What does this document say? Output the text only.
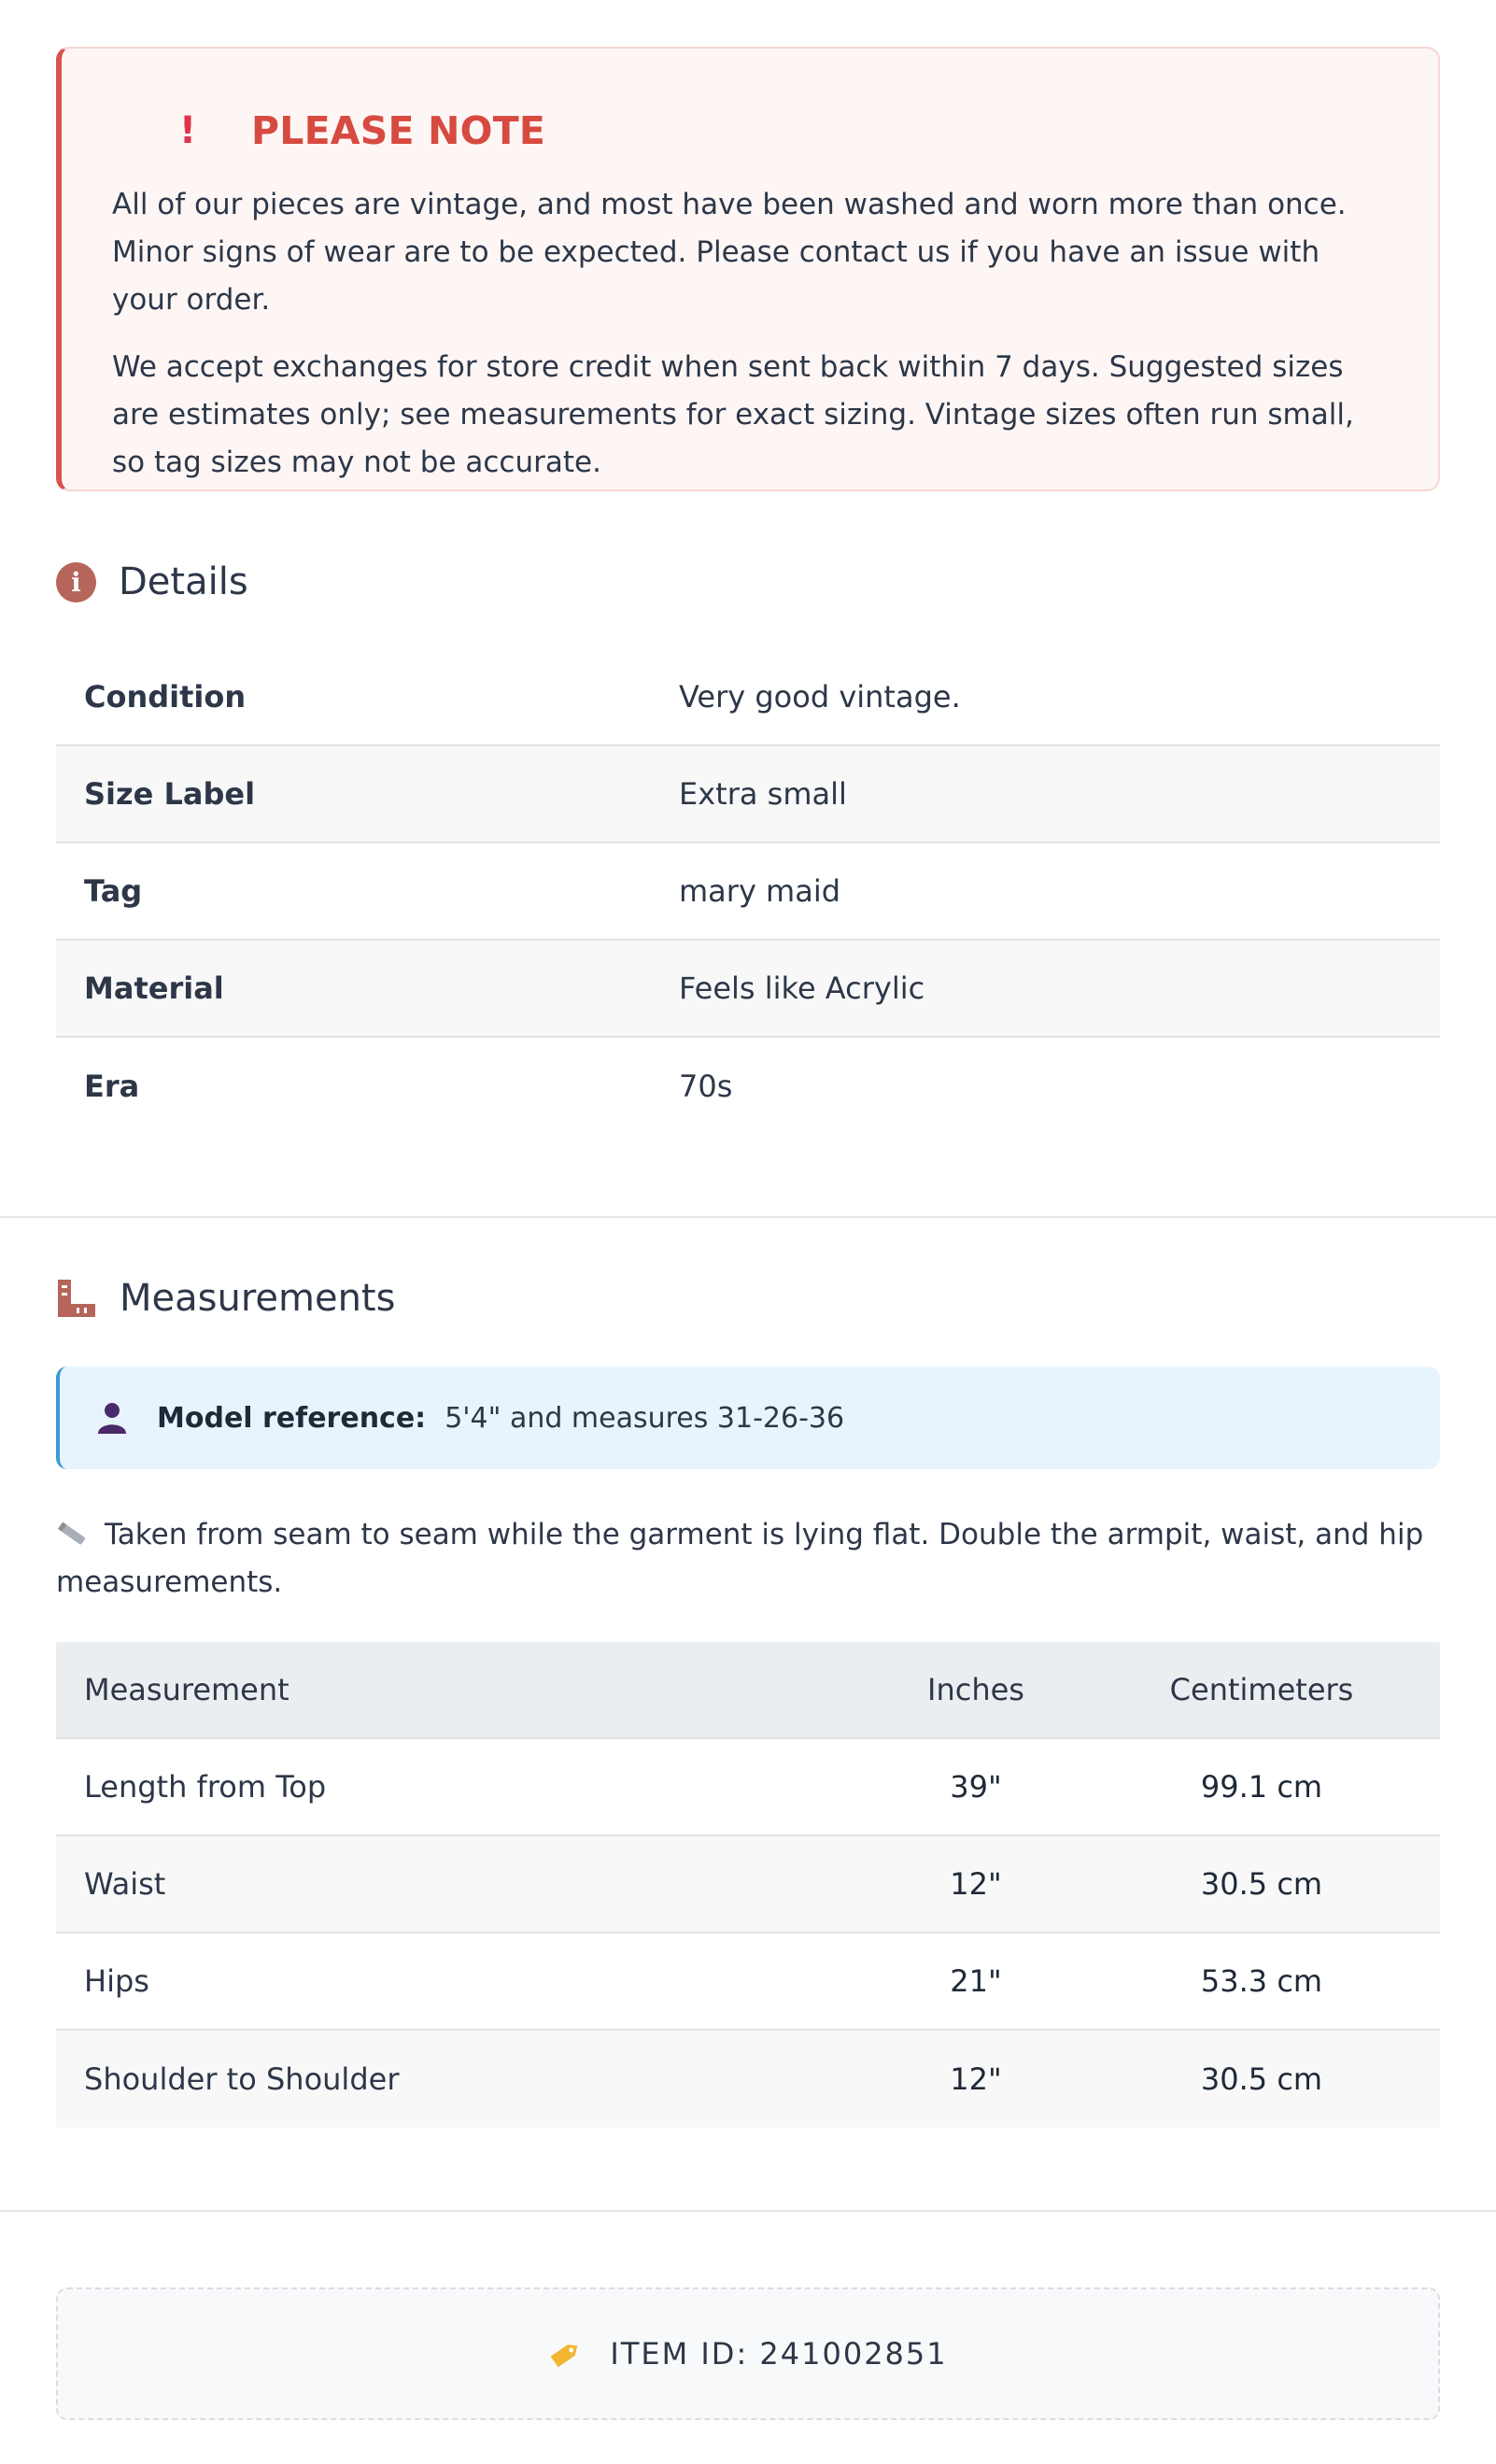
! PLEASE NOTE

All of our pieces are vintage, and most have been washed and worn more than once. Minor signs of wear are to be expected. Please contact us if you have an issue with your order.

We accept exchanges for store credit when sent back within 7 days. Suggested sizes are estimates only; see measurements for exact sizing. Vintage sizes often run small, so tag sizes may not be accurate.

i	Details
Condition	Very good vintage.
Size Label	Extra small
Tag	mary maid
Material	Feels like Acrylic
Era	70s
Measurements
Model reference: 5'4" and measures 31-26-36
Taken from seam to seam while the garment is lying flat. Double the armpit, waist, and hip measurements.
Measurement	Inches	Centimeters
Length from Top	39"	99.1 cm
Waist	12"	30.5 cm
Hips	21"	53.3 cm
Shoulder to Shoulder	12"	30.5 cm
ITEM ID: 241002851
